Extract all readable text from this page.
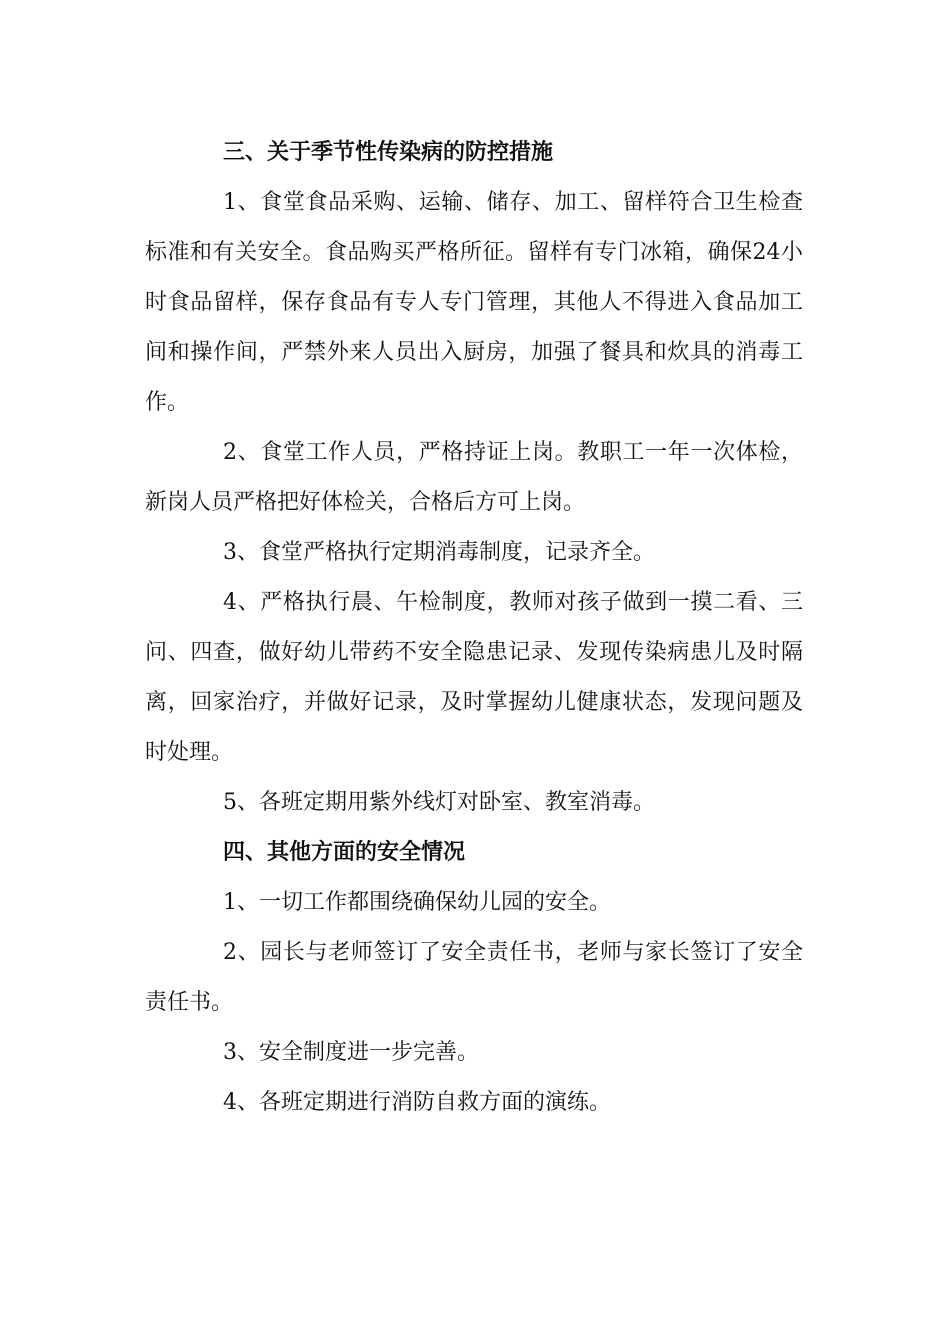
三、关于季节性传染病的防控措施

1、食堂食品采购、运输、储存、加工、留样符合卫生检查标准和有关安全。食品购买严格所征。留样有专门冰箱，确保24小时食品留样，保存食品有专人专门管理，其他人不得进入食品加工间和操作间，严禁外来人员出入厨房，加强了餐具和炊具的消毒工作。

2、食堂工作人员，严格持证上岗。教职工一年一次体检，新岗人员严格把好体检关，合格后方可上岗。

3、食堂严格执行定期消毒制度，记录齐全。

4、严格执行晨、午检制度，教师对孩子做到一摸二看、三问、四查，做好幼儿带药不安全隐患记录、发现传染病患儿及时隔离，回家治疗，并做好记录，及时掌握幼儿健康状态，发现问题及时处理。

5、各班定期用紫外线灯对卧室、教室消毒。

四、其他方面的安全情况

1、一切工作都围绕确保幼儿园的安全。

2、园长与老师签订了安全责任书，老师与家长签订了安全责任书。

3、安全制度进一步完善。

4、各班定期进行消防自救方面的演练。
